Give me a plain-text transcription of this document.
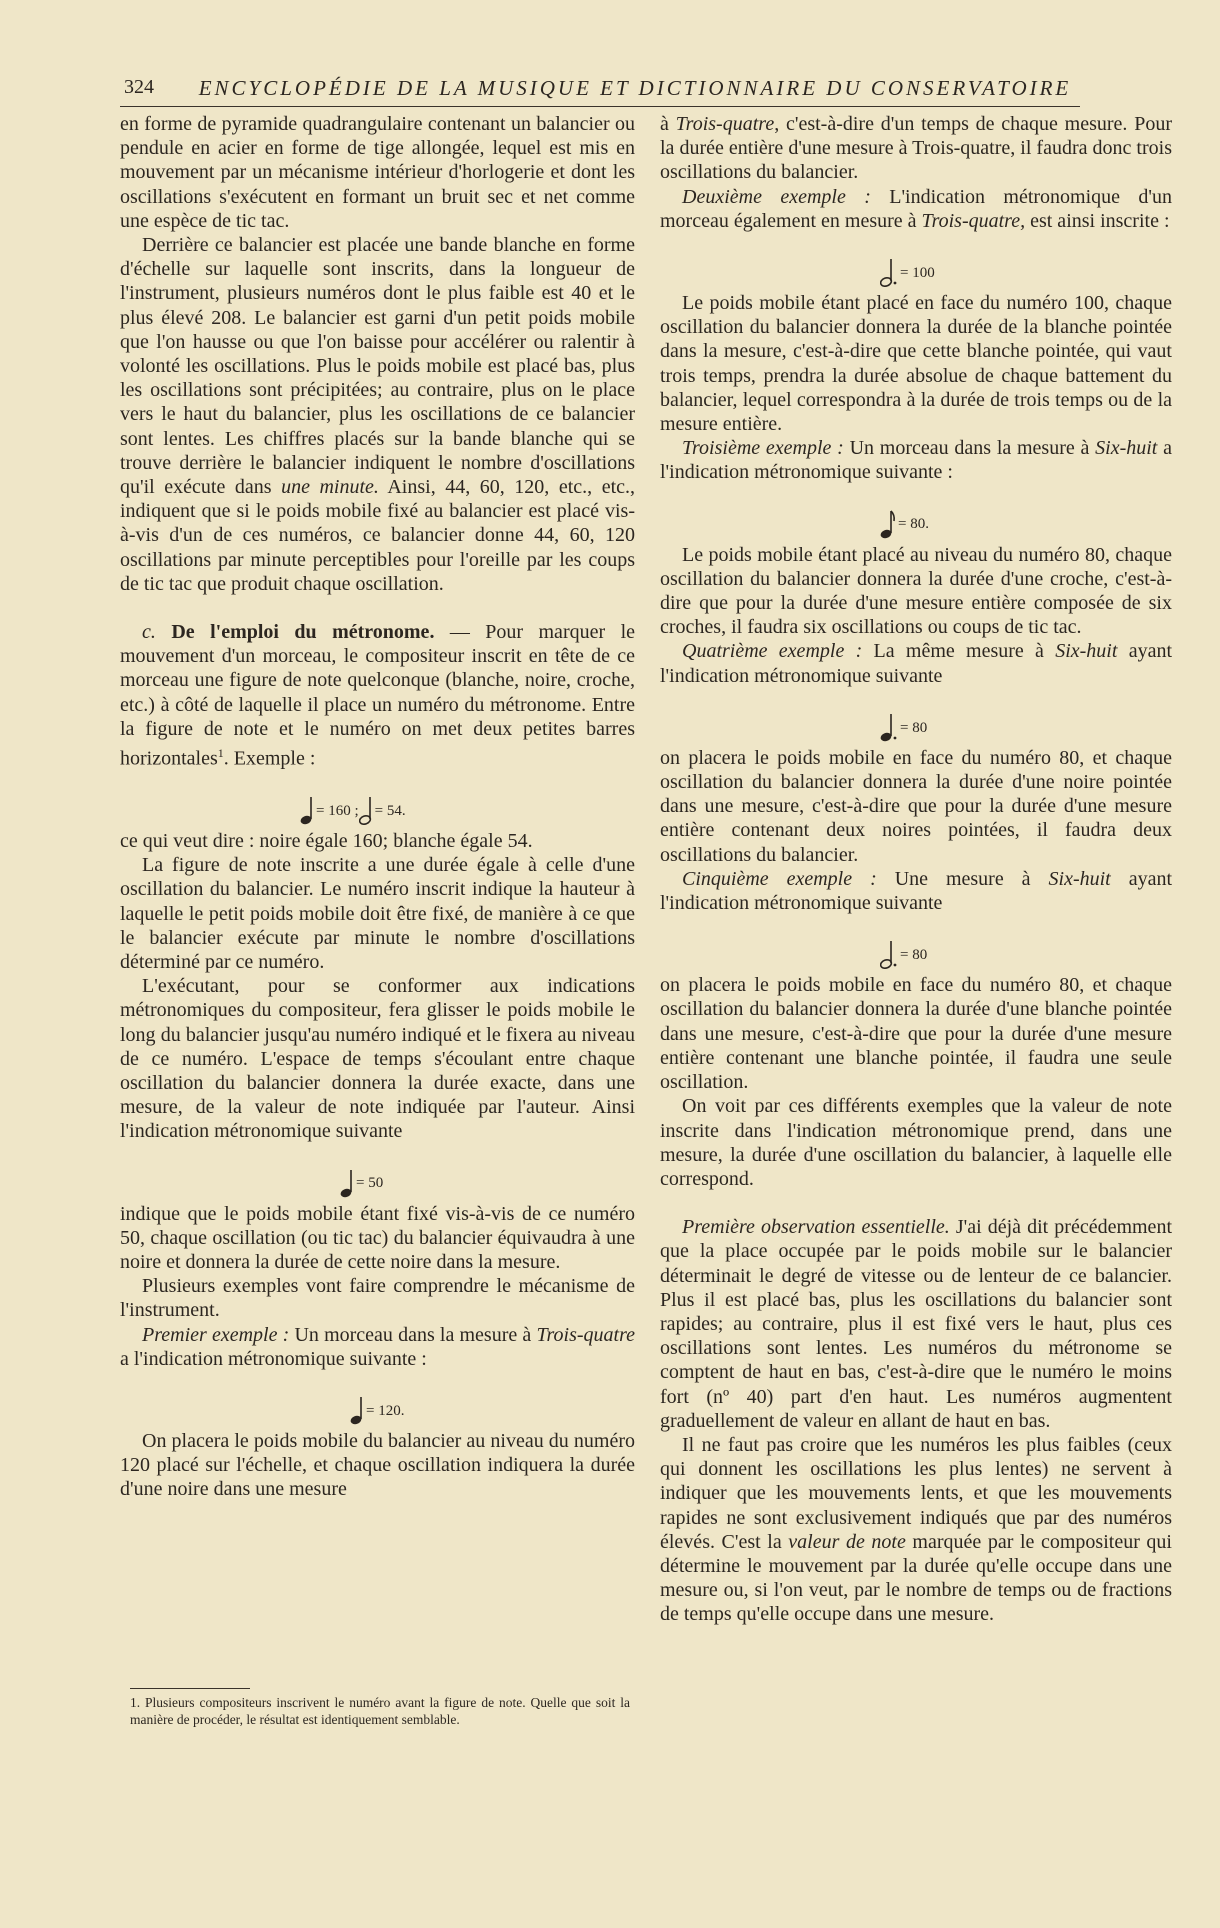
324	ENCYCLOPÉDIE DE LA MUSIQUE ET DICTIONNAIRE DU CONSERVATOIRE

en forme de pyramide quadrangulaire contenant un balancier ou pendule en acier en forme de tige allongée, lequel est mis en mouvement par un mécanisme intérieur d'horlogerie et dont les oscillations s'exécutent en formant un bruit sec et net comme une espèce de tic tac.

Derrière ce balancier est placée une bande blanche en forme d'échelle sur laquelle sont inscrits, dans la longueur de l'instrument, plusieurs numéros dont le plus faible est 40 et le plus élevé 208. Le balancier est garni d'un petit poids mobile que l'on hausse ou que l'on baisse pour accélérer ou ralentir à volonté les oscillations. Plus le poids mobile est placé bas, plus les oscillations sont précipitées; au contraire, plus on le place vers le haut du balancier, plus les oscillations de ce balancier sont lentes. Les chiffres placés sur la bande blanche qui se trouve derrière le balancier indiquent le nombre d'oscillations qu'il exécute dans une minute. Ainsi, 44, 60, 120, etc., etc., indiquent que si le poids mobile fixé au balancier est placé vis-à-vis d'un de ces numéros, ce balancier donne 44, 60, 120 oscillations par minute perceptibles pour l'oreille par les coups de tic tac que produit chaque oscillation.

c. De l'emploi du métronome. — Pour marquer le mouvement d'un morceau, le compositeur inscrit en tête de ce morceau une figure de note quelconque (blanche, noire, croche, etc.) à côté de laquelle il place un numéro du métronome. Entre la figure de note et le numéro on met deux petites barres horizontales$^1$. Exemple :

= 160 ; = 54.

ce qui veut dire : noire égale 160; blanche égale 54.

La figure de note inscrite a une durée égale à celle d'une oscillation du balancier. Le numéro inscrit indique la hauteur à laquelle le petit poids mobile doit être fixé, de manière à ce que le balancier exécute par minute le nombre d'oscillations déterminé par ce numéro.

L'exécutant, pour se conformer aux indications métronomiques du compositeur, fera glisser le poids mobile le long du balancier jusqu'au numéro indiqué et le fixera au niveau de ce numéro. L'espace de temps s'écoulant entre chaque oscillation du balancier donnera la durée exacte, dans une mesure, de la valeur de note indiquée par l'auteur. Ainsi l'indication métronomique suivante

= 50

indique que le poids mobile étant fixé vis-à-vis de ce numéro 50, chaque oscillation (ou tic tac) du balancier équivaudra à une noire et donnera la durée de cette noire dans la mesure.

Plusieurs exemples vont faire comprendre le mécanisme de l'instrument.

Premier exemple : Un morceau dans la mesure à Trois-quatre a l'indication métronomique suivante :

= 120.

On placera le poids mobile du balancier au niveau du numéro 120 placé sur l'échelle, et chaque oscillation indiquera la durée d'une noire dans une mesure

1. Plusieurs compositeurs inscrivent le numéro avant la figure de note. Quelle que soit la manière de procéder, le résultat est identiquement semblable.

à Trois-quatre, c'est-à-dire d'un temps de chaque mesure. Pour la durée entière d'une mesure à Trois-quatre, il faudra donc trois oscillations du balancier.

Deuxième exemple : L'indication métronomique d'un morceau également en mesure à Trois-quatre, est ainsi inscrite :

= 100

Le poids mobile étant placé en face du numéro 100, chaque oscillation du balancier donnera la durée de la blanche pointée dans la mesure, c'est-à-dire que cette blanche pointée, qui vaut trois temps, prendra la durée absolue de chaque battement du balancier, lequel correspondra à la durée de trois temps ou de la mesure entière.

Troisième exemple : Un morceau dans la mesure à Six-huit a l'indication métronomique suivante :

= 80.

Le poids mobile étant placé au niveau du numéro 80, chaque oscillation du balancier donnera la durée d'une croche, c'est-à-dire que pour la durée d'une mesure entière composée de six croches, il faudra six oscillations ou coups de tic tac.

Quatrième exemple : La même mesure à Six-huit ayant l'indication métronomique suivante

= 80

on placera le poids mobile en face du numéro 80, et chaque oscillation du balancier donnera la durée d'une noire pointée dans une mesure, c'est-à-dire que pour la durée d'une mesure entière contenant deux noires pointées, il faudra deux oscillations du balancier.

Cinquième exemple : Une mesure à Six-huit ayant l'indication métronomique suivante

= 80

on placera le poids mobile en face du numéro 80, et chaque oscillation du balancier donnera la durée d'une blanche pointée dans une mesure, c'est-à-dire que pour la durée d'une mesure entière contenant une blanche pointée, il faudra une seule oscillation.

On voit par ces différents exemples que la valeur de note inscrite dans l'indication métronomique prend, dans une mesure, la durée d'une oscillation du balancier, à laquelle elle correspond.

Première observation essentielle. J'ai déjà dit précédemment que la place occupée par le poids mobile sur le balancier déterminait le degré de vitesse ou de lenteur de ce balancier. Plus il est placé bas, plus les oscillations du balancier sont rapides; au contraire, plus il est fixé vers le haut, plus ces oscillations sont lentes. Les numéros du métronome se comptent de haut en bas, c'est-à-dire que le numéro le moins fort (nº 40) part d'en haut. Les numéros augmentent graduellement de valeur en allant de haut en bas.

Il ne faut pas croire que les numéros les plus faibles (ceux qui donnent les oscillations les plus lentes) ne servent à indiquer que les mouvements lents, et que les mouvements rapides ne sont exclusivement indiqués que par des numéros élevés. C'est la valeur de note marquée par le compositeur qui détermine le mouvement par la durée qu'elle occupe dans une mesure ou, si l'on veut, par le nombre de temps ou de fractions de temps qu'elle occupe dans une mesure.
